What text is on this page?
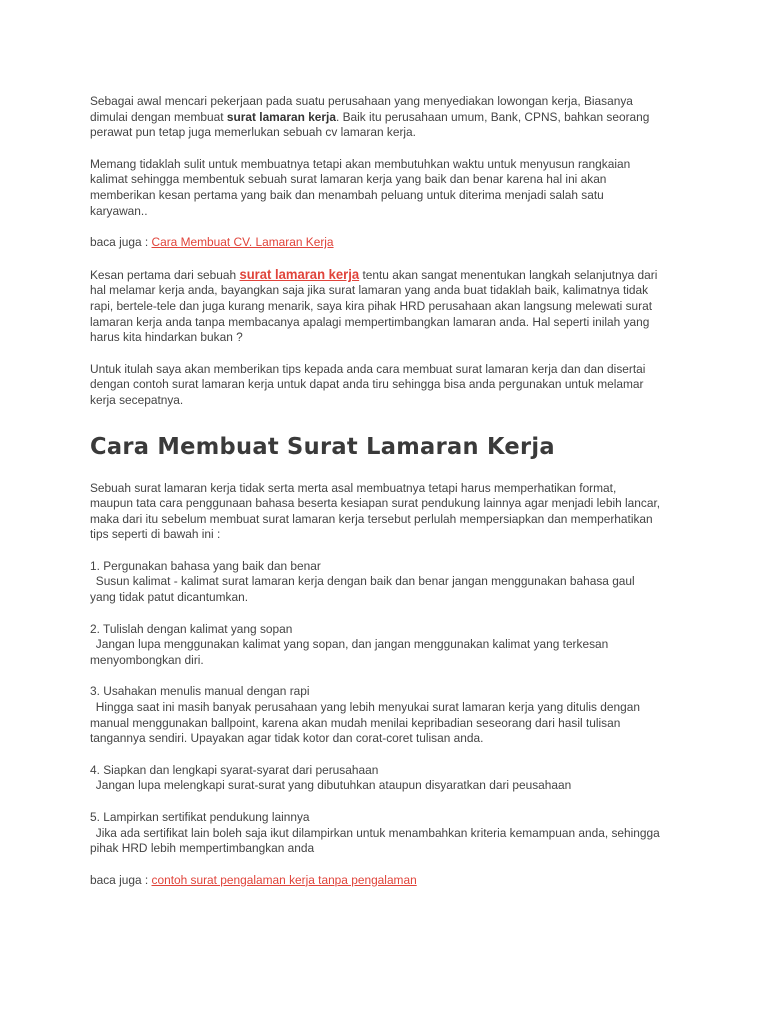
Sebagai awal mencari pekerjaan pada suatu perusahaan yang menyediakan lowongan kerja, Biasanya dimulai dengan membuat surat lamaran kerja. Baik itu perusahaan umum, Bank, CPNS, bahkan seorang perawat pun tetap juga memerlukan sebuah cv lamaran kerja.

Memang tidaklah sulit untuk membuatnya tetapi akan membutuhkan waktu untuk menyusun rangkaian kalimat sehingga membentuk sebuah surat lamaran kerja yang baik dan benar karena hal ini akan memberikan kesan pertama yang baik dan menambah peluang untuk diterima menjadi salah satu karyawan..

baca juga : Cara Membuat CV. Lamaran Kerja

Kesan pertama dari sebuah surat lamaran kerja tentu akan sangat menentukan langkah selanjutnya dari hal melamar kerja anda, bayangkan saja jika surat lamaran yang anda buat tidaklah baik, kalimatnya tidak rapi, bertele-tele dan juga kurang menarik, saya kira pihak HRD perusahaan akan langsung melewati surat lamaran kerja anda tanpa membacanya apalagi mempertimbangkan lamaran anda. Hal seperti inilah yang harus kita hindarkan bukan ?

Untuk itulah saya akan memberikan tips kepada anda cara membuat surat lamaran kerja dan dan disertai dengan contoh surat lamaran kerja untuk dapat anda tiru sehingga bisa anda pergunakan untuk melamar kerja secepatnya.

Cara Membuat Surat Lamaran Kerja

Sebuah surat lamaran kerja tidak serta merta asal membuatnya tetapi harus memperhatikan format, maupun tata cara penggunaan bahasa beserta kesiapan surat pendukung lainnya agar menjadi lebih lancar, maka dari itu sebelum membuat surat lamaran kerja tersebut perlulah mempersiapkan dan memperhatikan tips seperti di bawah ini :

1. Pergunakan bahasa yang baik dan benar
Susun kalimat - kalimat surat lamaran kerja dengan baik dan benar jangan menggunakan bahasa gaul yang tidak patut dicantumkan.
2. Tulislah dengan kalimat yang sopan
Jangan lupa menggunakan kalimat yang sopan, dan jangan menggunakan kalimat yang terkesan menyombongkan diri.
3. Usahakan menulis manual dengan rapi
Hingga saat ini masih banyak perusahaan yang lebih menyukai surat lamaran kerja yang ditulis dengan manual menggunakan ballpoint, karena akan mudah menilai kepribadian seseorang dari hasil tulisan tangannya sendiri. Upayakan agar tidak kotor dan corat-coret tulisan anda.
4. Siapkan dan lengkapi syarat-syarat dari perusahaan
Jangan lupa melengkapi surat-surat yang dibutuhkan ataupun disyaratkan dari peusahaan
5. Lampirkan sertifikat pendukung lainnya
Jika ada sertifikat lain boleh saja ikut dilampirkan untuk menambahkan kriteria kemampuan anda, sehingga pihak HRD lebih mempertimbangkan anda

baca juga : contoh surat pengalaman kerja tanpa pengalaman
